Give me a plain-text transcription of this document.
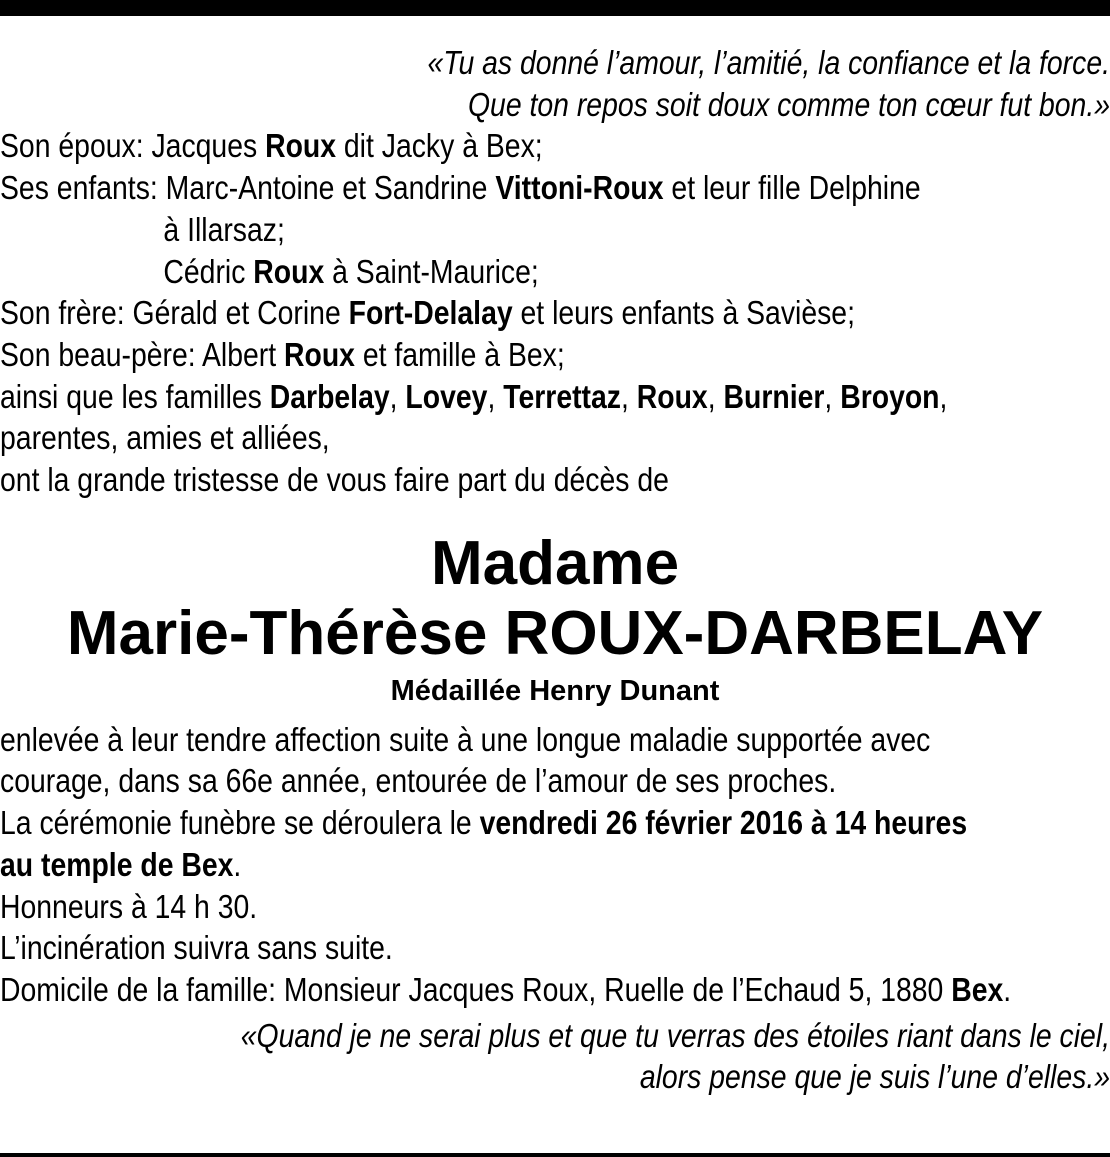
«Tu as donné l’amour, l’amitié, la confiance et la force.
Que ton repos soit doux comme ton cœur fut bon.»
Son époux: Jacques Roux dit Jacky à Bex;
Ses enfants: Marc-Antoine et Sandrine Vittoni-Roux et leur fille Delphine
à Illarsaz;
Cédric Roux à Saint-Maurice;
Son frère: Gérald et Corine Fort-Delalay et leurs enfants à Savièse;
Son beau-père: Albert Roux et famille à Bex;
ainsi que les familles Darbelay, Lovey, Terrettaz, Roux, Burnier, Broyon,
parentes, amies et alliées,
ont la grande tristesse de vous faire part du décès de
Madame
Marie-Thérèse ROUX-DARBELAY
Médaillée Henry Dunant
enlevée à leur tendre affection suite à une longue maladie supportée avec
courage, dans sa 66e année, entourée de l’amour de ses proches.
La cérémonie funèbre se déroulera le vendredi 26 février 2016 à 14 heures
au temple de Bex.
Honneurs à 14 h 30.
L’incinération suivra sans suite.
Domicile de la famille: Monsieur Jacques Roux, Ruelle de l’Echaud 5, 1880 Bex.
«Quand je ne serai plus et que tu verras des étoiles riant dans le ciel,
alors pense que je suis l’une d’elles.»
